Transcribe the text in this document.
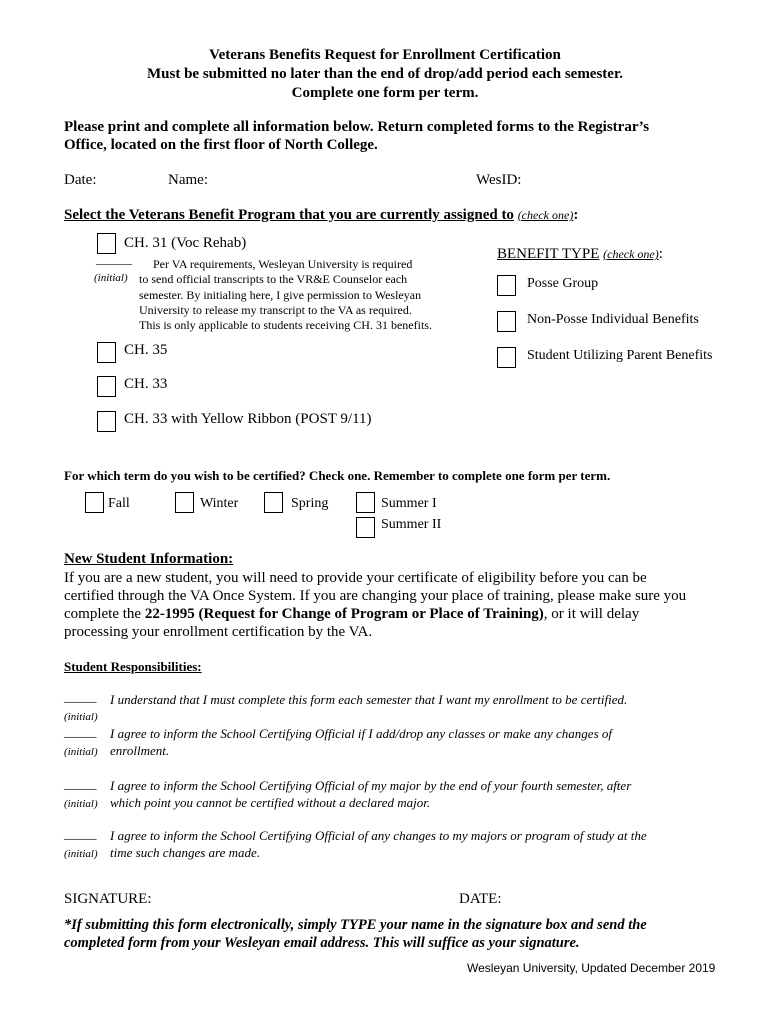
Veterans Benefits Request for Enrollment Certification
Must be submitted no later than the end of drop/add period each semester.
Complete one form per term.
Please print and complete all information below. Return completed forms to the Registrar’s
Office, located on the first floor of North College.
Date:	Name:	WesID:
Select the Veterans Benefit Program that you are currently assigned to (check one):
CH. 31 (Voc Rehab)
______
(initial)
Per VA requirements, Wesleyan University is required
to send official transcripts to the VR&E Counselor each
semester. By initialing here, I give permission to Wesleyan
University to release my transcript to the VA as required.
This is only applicable to students receiving CH. 31 benefits.
CH. 35
CH. 33
CH. 33 with Yellow Ribbon (POST 9/11)
BENEFIT TYPE (check one):
Posse Group
Non-Posse Individual Benefits
Student Utilizing Parent Benefits
For which term do you wish to be certified? Check one. Remember to complete one form per term.
Fall	Winter	Spring	Summer I
Summer II
New Student Information:
If you are a new student, you will need to provide your certificate of eligibility before you can be
certified through the VA Once System. If you are changing your place of training, please make sure you
complete the 22-1995 (Request for Change of Program or Place of Training), or it will delay
processing your enrollment certification by the VA.
Student Responsibilities:
_____
(initial)
I understand that I must complete this form each semester that I want my enrollment to be certified.
_____
(initial)
I agree to inform the School Certifying Official if I add/drop any classes or make any changes of
enrollment.
_____
(initial)
I agree to inform the School Certifying Official of my major by the end of your fourth semester, after
which point you cannot be certified without a declared major.
_____
(initial)
I agree to inform the School Certifying Official of any changes to my majors or program of study at the
time such changes are made.
SIGNATURE:	DATE:
*If submitting this form electronically, simply TYPE your name in the signature box and send the
completed form from your Wesleyan email address. This will suffice as your signature.
Wesleyan University, Updated December 2019
